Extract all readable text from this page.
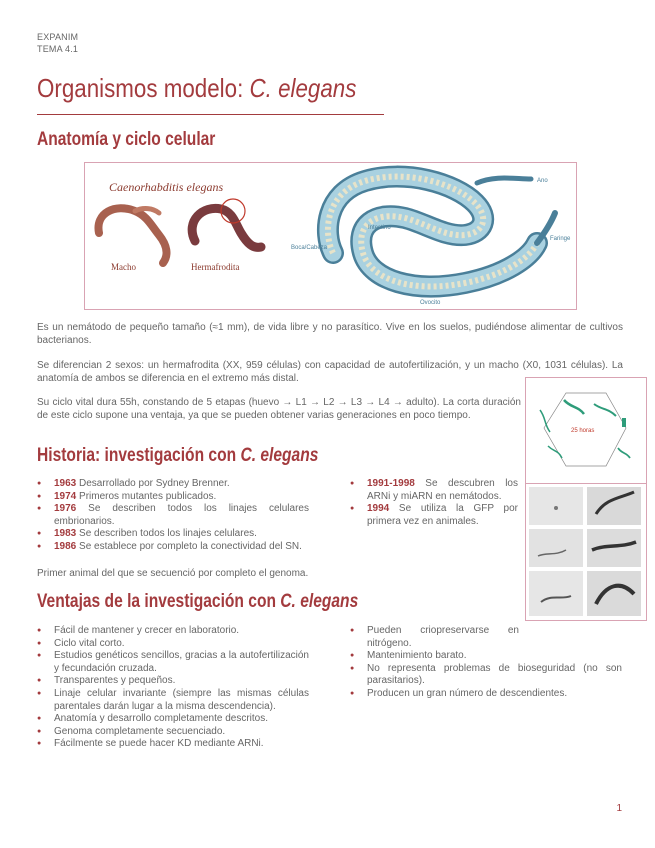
EXPANIM
TEMA 4.1
Organismos modelo: C. elegans
Anatomía y ciclo celular
Caenorhabditis elegans
Macho	Hermafrodita
Ano
Intestino
Boca/Cabeza
Faringe
Ovocito
Es un nemátodo de pequeño tamaño (≈1 mm), de vida libre y no parasítico. Vive en los suelos, pudiéndose alimentar de cultivos bacterianos.
Se diferencian 2 sexos: un hermafrodita (XX, 959 células) con capacidad de autofertilización, y un macho (X0, 1031 células). La anatomía de ambos se diferencia en el extremo más distal.
Su ciclo vital dura 55h, constando de 5 etapas (huevo → L1 → L2 → L3 → L4 → adulto). La corta duración de este ciclo supone una ventaja, ya que se pueden obtener varias generaciones en poco tiempo.
25 horas
Historia: investigación con C. elegans
● 1963 Desarrollado por Sydney Brenner.
● 1974 Primeros mutantes publicados.
● 1976 Se describen todos los linajes celulares embrionarios.
● 1983 Se describen todos los linajes celulares.
● 1986 Se establece por completo la conectividad del SN.
● 1991-1998 Se descubren los ARNi y miARN en nemátodos.
● 1994 Se utiliza la GFP por primera vez en animales.
Primer animal del que se secuenció por completo el genoma.
Ventajas de la investigación con C. elegans
● Fácil de mantener y crecer en laboratorio.
● Ciclo vital corto.
● Estudios genéticos sencillos, gracias a la autofertilización y fecundación cruzada.
● Transparentes y pequeños.
● Linaje celular invariante (siempre las mismas células parentales darán lugar a la misma descendencia).
● Anatomía y desarrollo completamente descritos.
● Genoma completamente secuenciado.
● Fácilmente se puede hacer KD mediante ARNi.
● Pueden criopreservarse en nitrógeno.
● Mantenimiento barato.
● No representa problemas de bioseguridad (no son parasitarios).
● Producen un gran número de descendientes.
1
